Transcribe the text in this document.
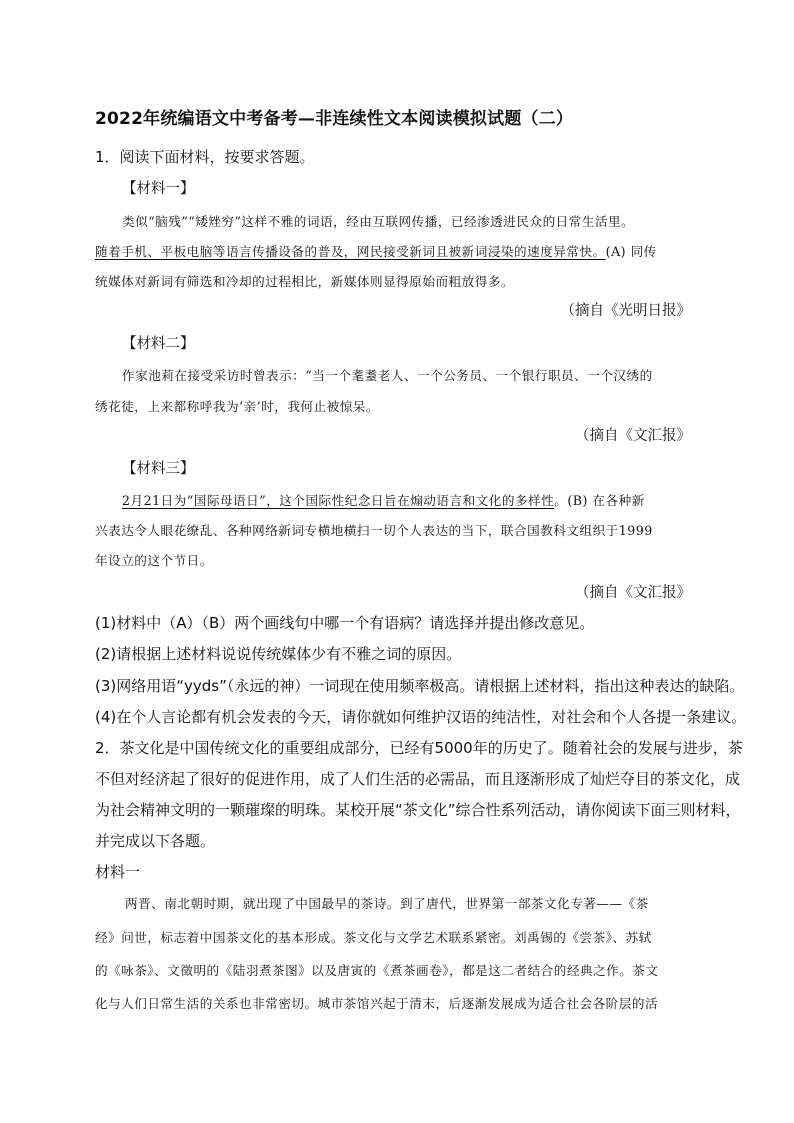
2022年统编语文中考备考—非连续性文本阅读模拟试题（二）
1．阅读下面材料，按要求答题。
【材料一】
类似“脑残”“矮矬穷”这样不雅的词语，经由互联网传播，已经渗透进民众的日常生活里。
随着手机、平板电脑等语言传播设备的普及，网民接受新词且被新词浸染的速度异常快。(A) 同传
统媒体对新词有筛选和冷却的过程相比，新媒体则显得原始而粗放得多。
（摘自《光明日报》
【材料二】
作家池莉在接受采访时曾表示：“当一个耄耋老人、一个公务员、一个银行职员、一个汉绣的
绣花徒，上来都称呼我为‘亲’时，我何止被惊呆。
（摘自《文汇报》
【材料三】
2月21日为“国际母语日”，这个国际性纪念日旨在煽动语言和文化的多样性。(B) 在各种新
兴表达令人眼花缭乱、各种网络新词专横地横扫一切个人表达的当下，联合国教科文组织于1999
年设立的这个节日。
（摘自《文汇报》
(1)材料中（A）（B）两个画线句中哪一个有语病？请选择并提出修改意见。
(2)请根据上述材料说说传统媒体少有不雅之词的原因。
(3)网络用语“yyds”（永远的神）一词现在使用频率极高。请根据上述材料，指出这种表达的缺陷。
(4)在个人言论都有机会发表的今天，请你就如何维护汉语的纯洁性，对社会和个人各提一条建议。
2．茶文化是中国传统文化的重要组成部分，已经有5000年的历史了。随着社会的发展与进步，茶
不但对经济起了很好的促进作用，成了人们生活的必需品，而且逐渐形成了灿烂夺目的茶文化，成
为社会精神文明的一颗璀璨的明珠。某校开展“茶文化”综合性系列活动，请你阅读下面三则材料，
并完成以下各题。
材料一
两晋、南北朝时期，就出现了中国最早的茶诗。到了唐代，世界第一部茶文化专著——《茶
经》问世，标志着中国茶文化的基本形成。茶文化与文学艺术联系紧密。刘禹锡的《尝茶》、苏轼
的《咏茶》、文徵明的《陆羽煮茶图》以及唐寅的《煮茶画卷》，都是这二者结合的经典之作。茶文
化与人们日常生活的关系也非常密切。城市茶馆兴起于清末，后逐渐发展成为适合社会各阶层的活
